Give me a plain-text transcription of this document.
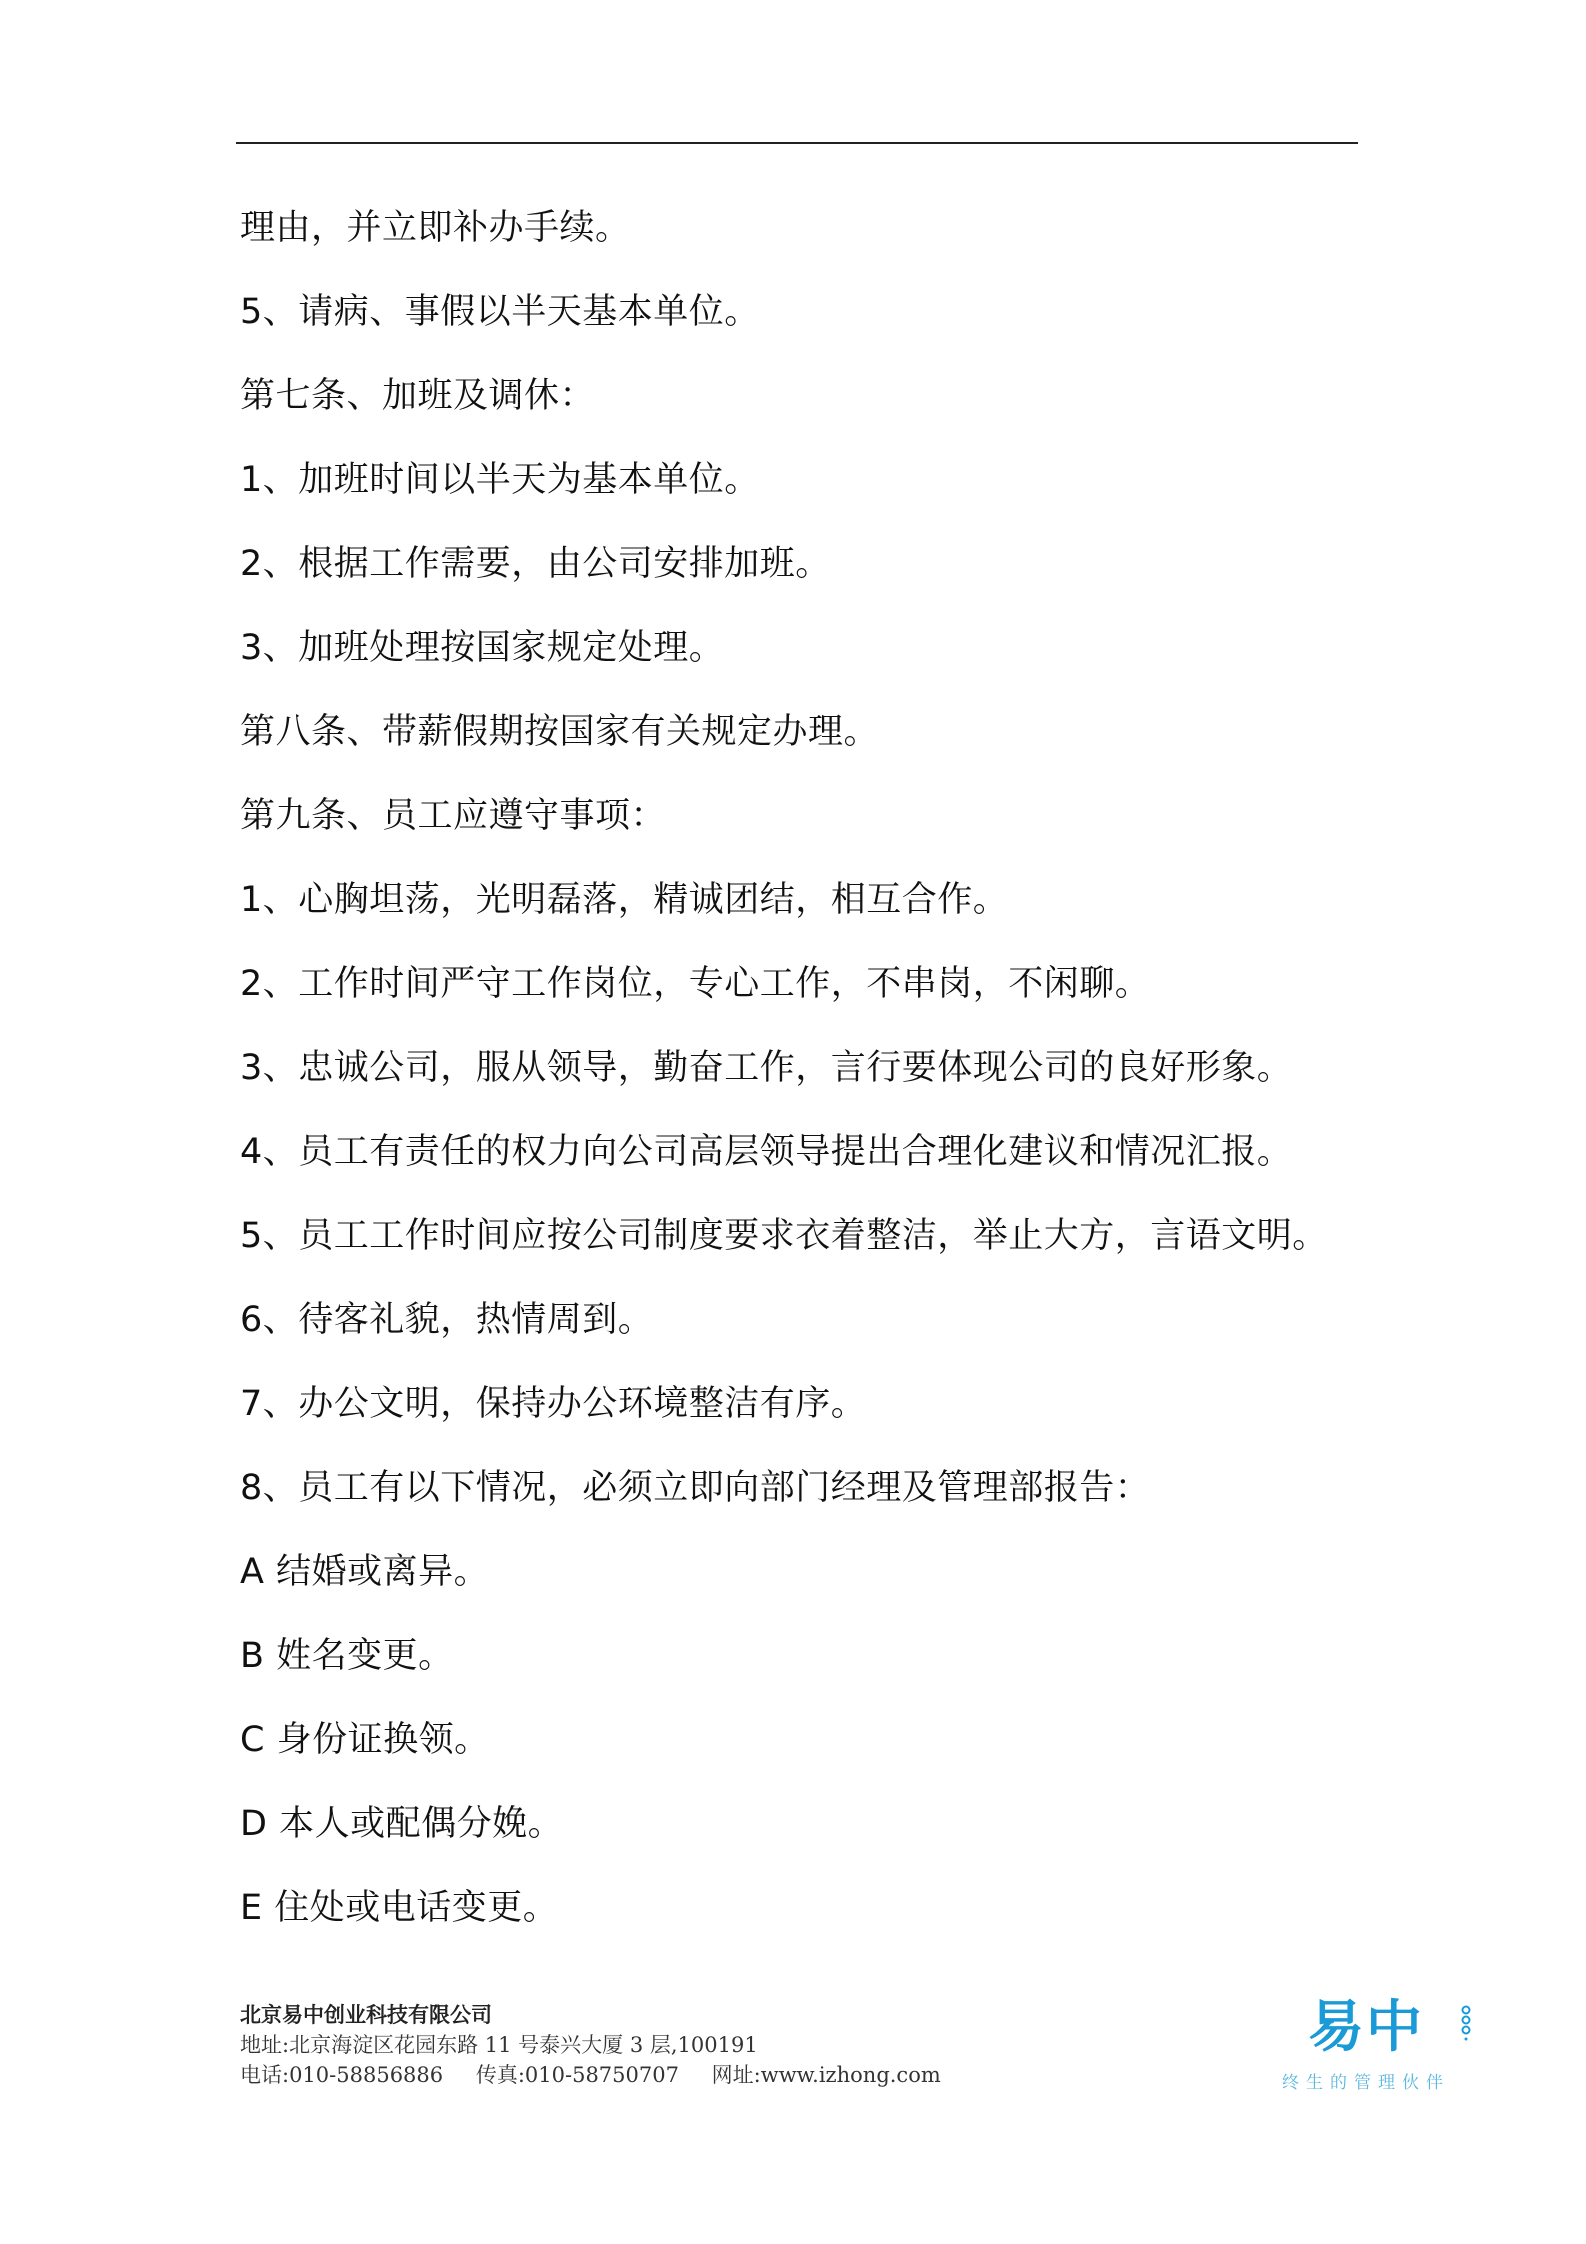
理由，并立即补办手续。
5、请病、事假以半天基本单位。
第七条、加班及调休：
1、加班时间以半天为基本单位。
2、根据工作需要，由公司安排加班。
3、加班处理按国家规定处理。
第八条、带薪假期按国家有关规定办理。
第九条、员工应遵守事项：
1、心胸坦荡，光明磊落，精诚团结，相互合作。
2、工作时间严守工作岗位，专心工作，不串岗，不闲聊。
3、忠诚公司，服从领导，勤奋工作，言行要体现公司的良好形象。
4、员工有责任的权力向公司高层领导提出合理化建议和情况汇报。
5、员工工作时间应按公司制度要求衣着整洁，举止大方，言语文明。
6、待客礼貌，热情周到。
7、办公文明，保持办公环境整洁有序。
8、员工有以下情况，必须立即向部门经理及管理部报告：
A 结婚或离异。
B 姓名变更。
C 身份证换领。
D 本人或配偶分娩。
E 住处或电话变更。
北京易中创业科技有限公司
地址:北京海淀区花园东路 11 号泰兴大厦 3 层,100191
电话:010-58856886 传真:010-58750707 网址:www.izhong.com
易中
终生的管理伙伴
